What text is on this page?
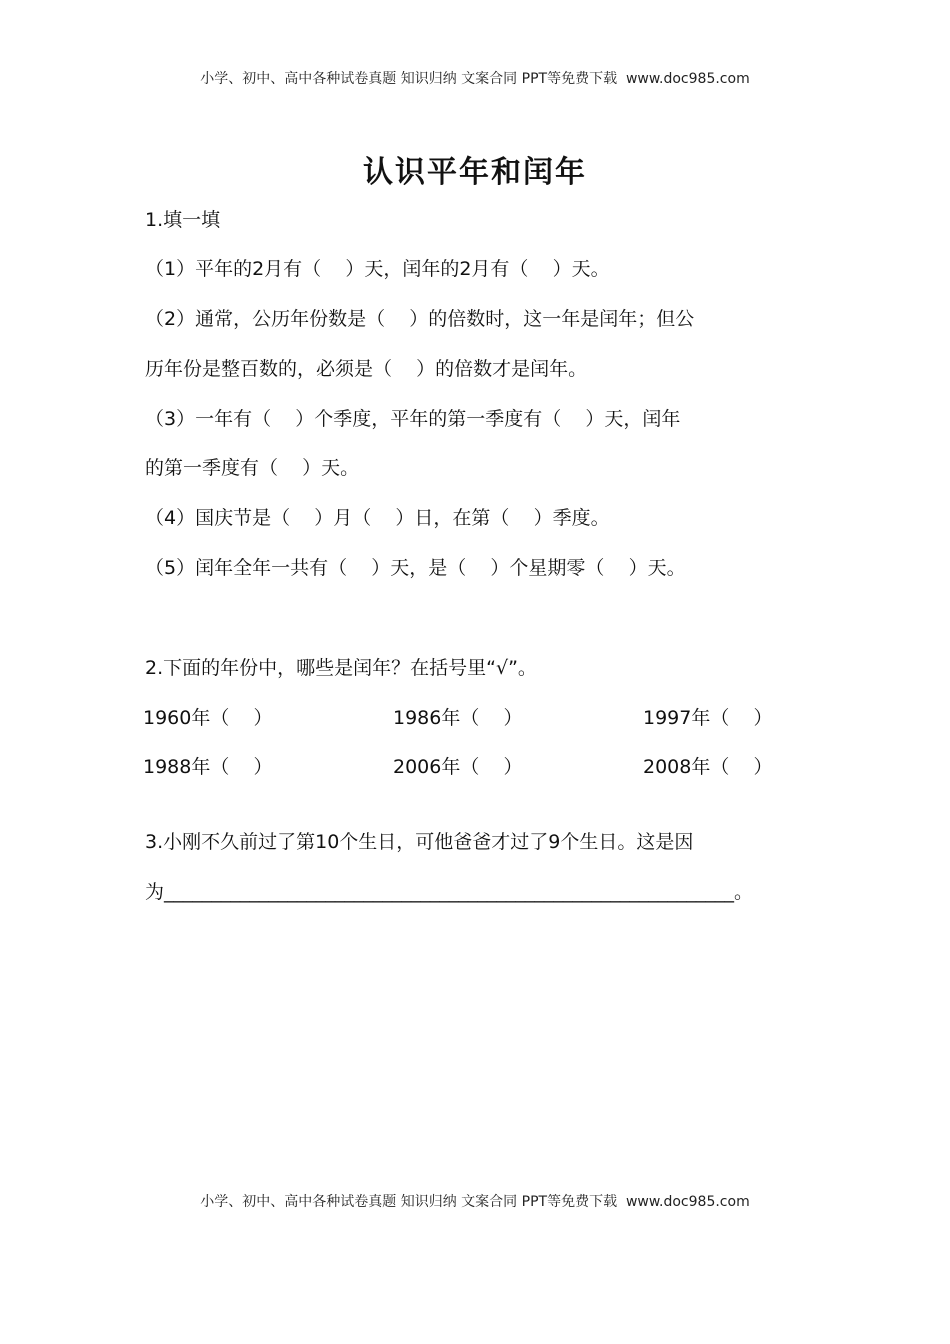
小学、初中、高中各种试卷真题 知识归纳 文案合同 PPT等免费下载  www.doc985.com
认识平年和闰年
1.填一填
（1）平年的2月有（    ）天，闰年的2月有（    ）天。
（2）通常，公历年份数是（    ）的倍数时，这一年是闰年；但公
历年份是整百数的，必须是（    ）的倍数才是闰年。
（3）一年有（    ）个季度，平年的第一季度有（    ）天，闰年
的第一季度有（    ）天。
（4）国庆节是（    ）月（    ）日，在第（    ）季度。
（5）闰年全年一共有（    ）天，是（    ）个星期零（    ）天。
2.下面的年份中，哪些是闰年？在括号里“√”。
1960年（    ）	1986年（    ）	1997年（    ）
1988年（    ）	2006年（    ）	2008年（    ）
3.小刚不久前过了第10个生日，可他爸爸才过了9个生日。这是因
为____________________________________________________________。
小学、初中、高中各种试卷真题 知识归纳 文案合同 PPT等免费下载  www.doc985.com
